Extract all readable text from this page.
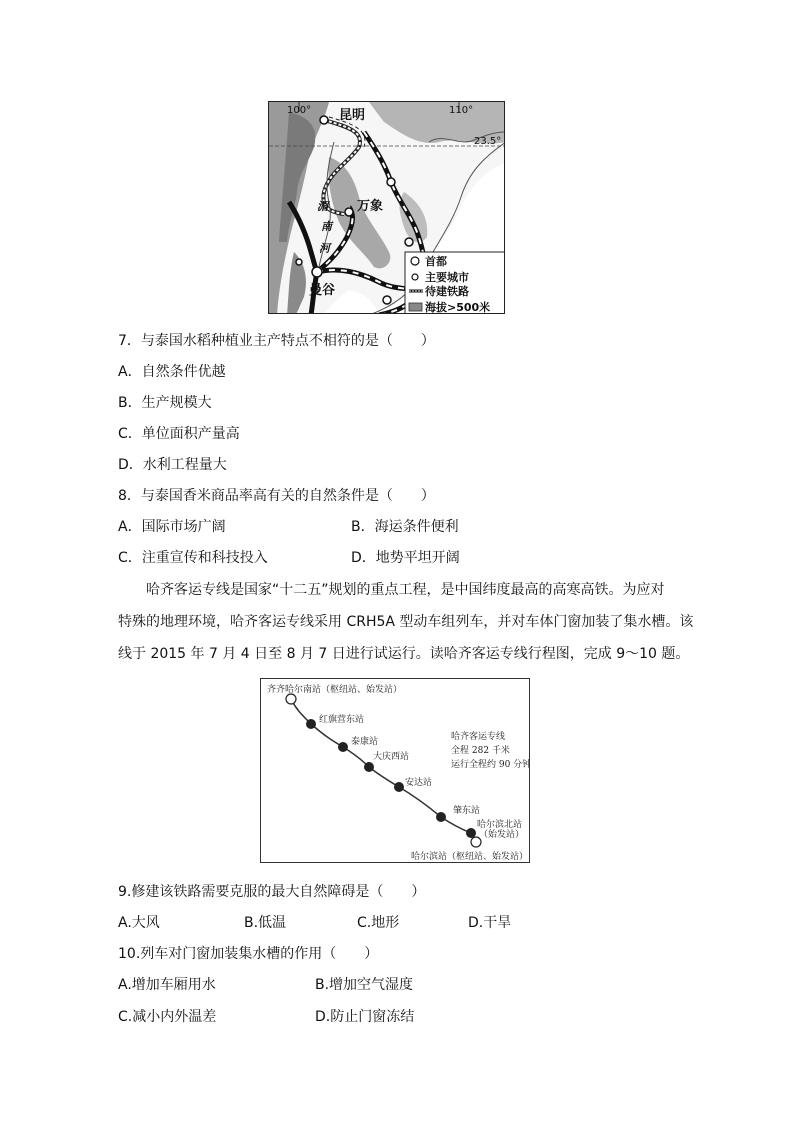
100°	110°
23.5°
昆明
万象
曼谷
湄
南
河
首都
主要城市
待建铁路
海拔>500米
7．与泰国水稻种植业主产特点不相符的是（　　）
A．自然条件优越
B．生产规模大
C．单位面积产量高
D．水利工程量大
8．与泰国香米商品率高有关的自然条件是（　　）
A．国际市场广阔	B．海运条件便利
C．注重宣传和科技投入	D．地势平坦开阔
哈齐客运专线是国家“十二五”规划的重点工程，是中国纬度最高的高寒高铁。为应对
特殊的地理环境，哈齐客运专线采用 CRH5A 型动车组列车，并对车体门窗加装了集水槽。该
线于 2015 年 7 月 4 日至 8 月 7 日进行试运行。读哈齐客运专线行程图，完成 9～10 题。
齐齐哈尔南站（枢纽站、始发站）
红旗营东站
泰康站
大庆西站
安达站
肇东站
哈尔滨北站
（始发站）
哈尔滨站（枢纽站、始发站）
哈齐客运专线
全程 282 千米
运行全程约 90 分钟
9.修建该铁路需要克服的最大自然障碍是（　　）
A.大风	B.低温	C.地形	D.干旱
10.列车对门窗加装集水槽的作用（　　）
A.增加车厢用水	B.增加空气湿度
C.减小内外温差	D.防止门窗冻结
